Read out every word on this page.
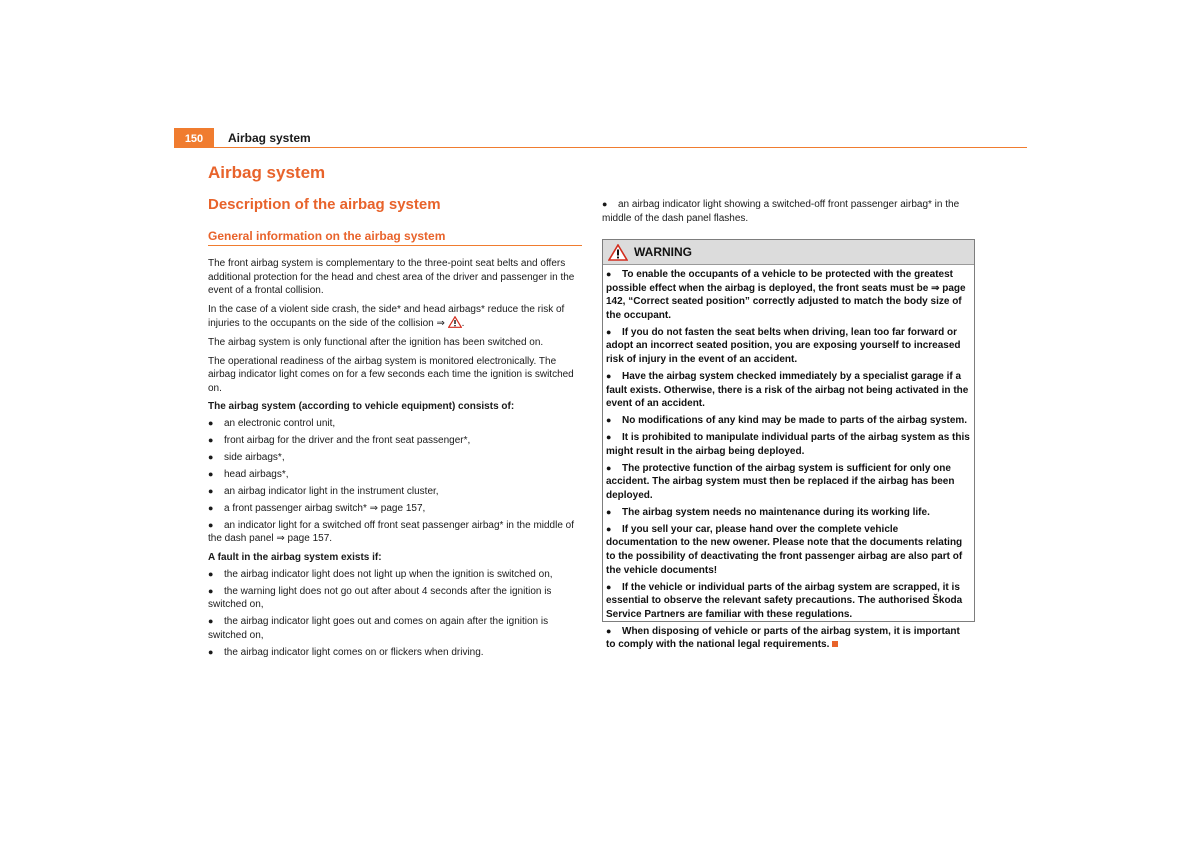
150	Airbag system
Airbag system
Description of the airbag system
General information on the airbag system

The front airbag system is complementary to the three-point seat belts and offers additional protection for the head and chest area of the driver and passenger in the event of a frontal collision.

In the case of a violent side crash, the side* and head airbags* reduce the risk of injuries to the occupants on the side of the collision ⇒ .

The airbag system is only functional after the ignition has been switched on.

The operational readiness of the airbag system is monitored electronically. The airbag indicator light comes on for a few seconds each time the ignition is switched on.

The airbag system (according to vehicle equipment) consists of:

● an electronic control unit,
● front airbag for the driver and the front seat passenger*,
● side airbags*,
● head airbags*,
● an airbag indicator light in the instrument cluster,
● a front passenger airbag switch* ⇒ page 157,
● an indicator light for a switched off front seat passenger airbag* in the middle of the dash panel ⇒ page 157.

A fault in the airbag system exists if:

● the airbag indicator light does not light up when the ignition is switched on,
● the warning light does not go out after about 4 seconds after the ignition is switched on,
● the airbag indicator light goes out and comes on again after the ignition is switched on,
● the airbag indicator light comes on or flickers when driving.
● an airbag indicator light showing a switched-off front passenger airbag* in the middle of the dash panel flashes.
WARNING

● To enable the occupants of a vehicle to be protected with the greatest possible effect when the airbag is deployed, the front seats must be ⇒ page 142, “Correct seated position” correctly adjusted to match the body size of the occupant.

● If you do not fasten the seat belts when driving, lean too far forward or adopt an incorrect seated position, you are exposing yourself to increased risk of injury in the event of an accident.

● Have the airbag system checked immediately by a specialist garage if a fault exists. Otherwise, there is a risk of the airbag not being activated in the event of an accident.

● No modifications of any kind may be made to parts of the airbag system.

● It is prohibited to manipulate individual parts of the airbag system as this might result in the airbag being deployed.

● The protective function of the airbag system is sufficient for only one accident. The airbag system must then be replaced if the airbag has been deployed.

● The airbag system needs no maintenance during its working life.

● If you sell your car, please hand over the complete vehicle documentation to the new owener. Please note that the documents relating to the possibility of deactivating the front passenger airbag are also part of the vehicle documents!

● If the vehicle or individual parts of the airbag system are scrapped, it is essential to observe the relevant safety precautions. The authorised Škoda Service Partners are familiar with these regulations.

● When disposing of vehicle or parts of the airbag system, it is important to comply with the national legal requirements.
